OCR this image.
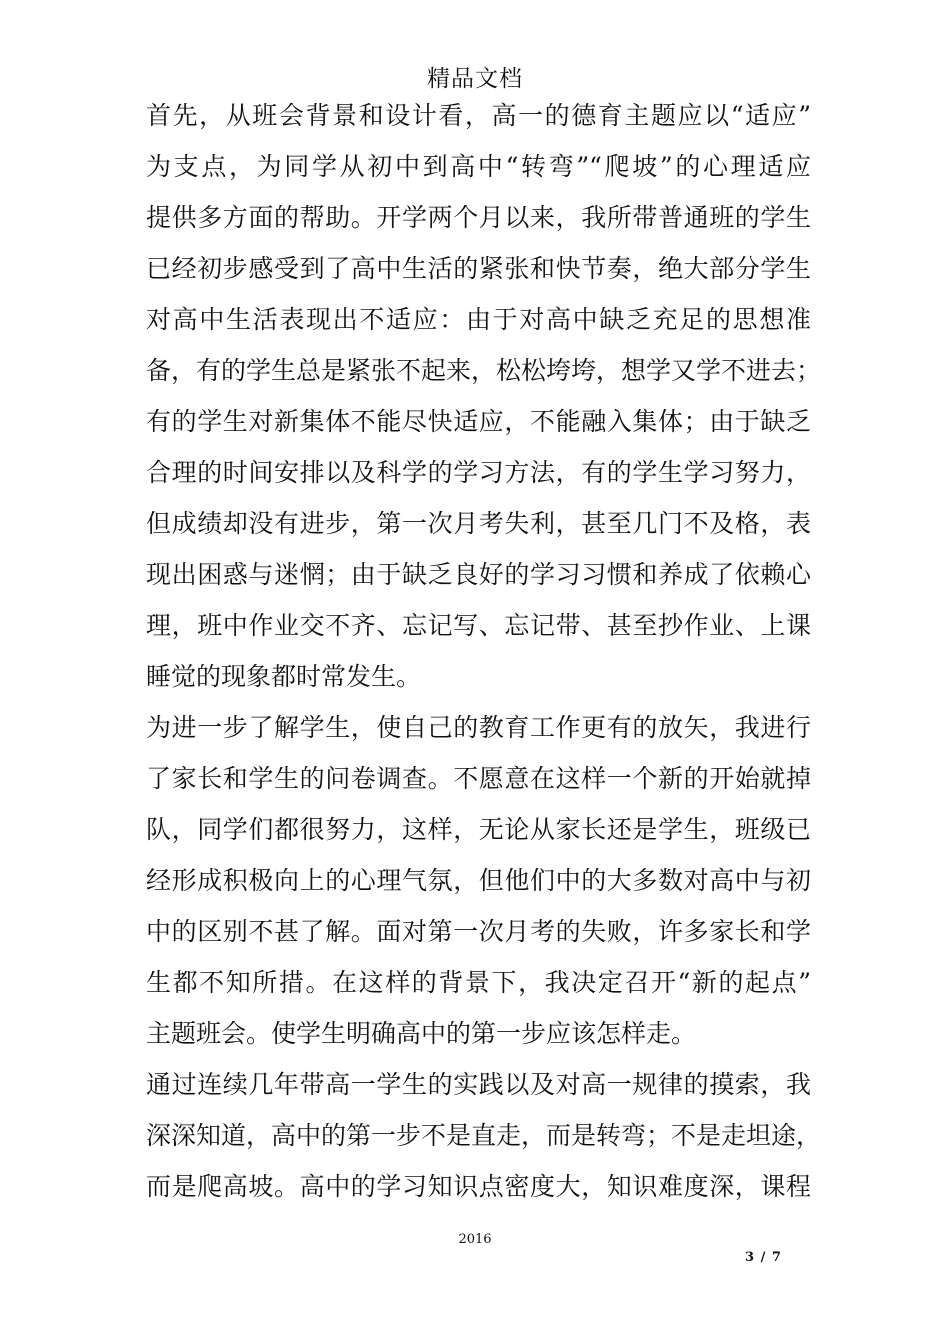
精品文档
首先，从班会背景和设计看，高一的德育主题应以“适应”
为支点，为同学从初中到高中“转弯”“爬坡”的心理适应
提供多方面的帮助。开学两个月以来，我所带普通班的学生
已经初步感受到了高中生活的紧张和快节奏，绝大部分学生
对高中生活表现出不适应：由于对高中缺乏充足的思想准
备，有的学生总是紧张不起来，松松垮垮，想学又学不进去；
有的学生对新集体不能尽快适应，不能融入集体；由于缺乏
合理的时间安排以及科学的学习方法，有的学生学习努力，
但成绩却没有进步，第一次月考失利，甚至几门不及格，表
现出困惑与迷惘；由于缺乏良好的学习习惯和养成了依赖心
理，班中作业交不齐、忘记写、忘记带、甚至抄作业、上课
睡觉的现象都时常发生。
为进一步了解学生，使自己的教育工作更有的放矢，我进行
了家长和学生的问卷调查。不愿意在这样一个新的开始就掉
队，同学们都很努力，这样，无论从家长还是学生，班级已
经形成积极向上的心理气氛，但他们中的大多数对高中与初
中的区别不甚了解。面对第一次月考的失败，许多家长和学
生都不知所措。在这样的背景下，我决定召开“新的起点”
主题班会。使学生明确高中的第一步应该怎样走。
通过连续几年带高一学生的实践以及对高一规律的摸索，我
深深知道，高中的第一步不是直走，而是转弯；不是走坦途，
而是爬高坡。高中的学习知识点密度大，知识难度深，课程
2016
3 / 7
